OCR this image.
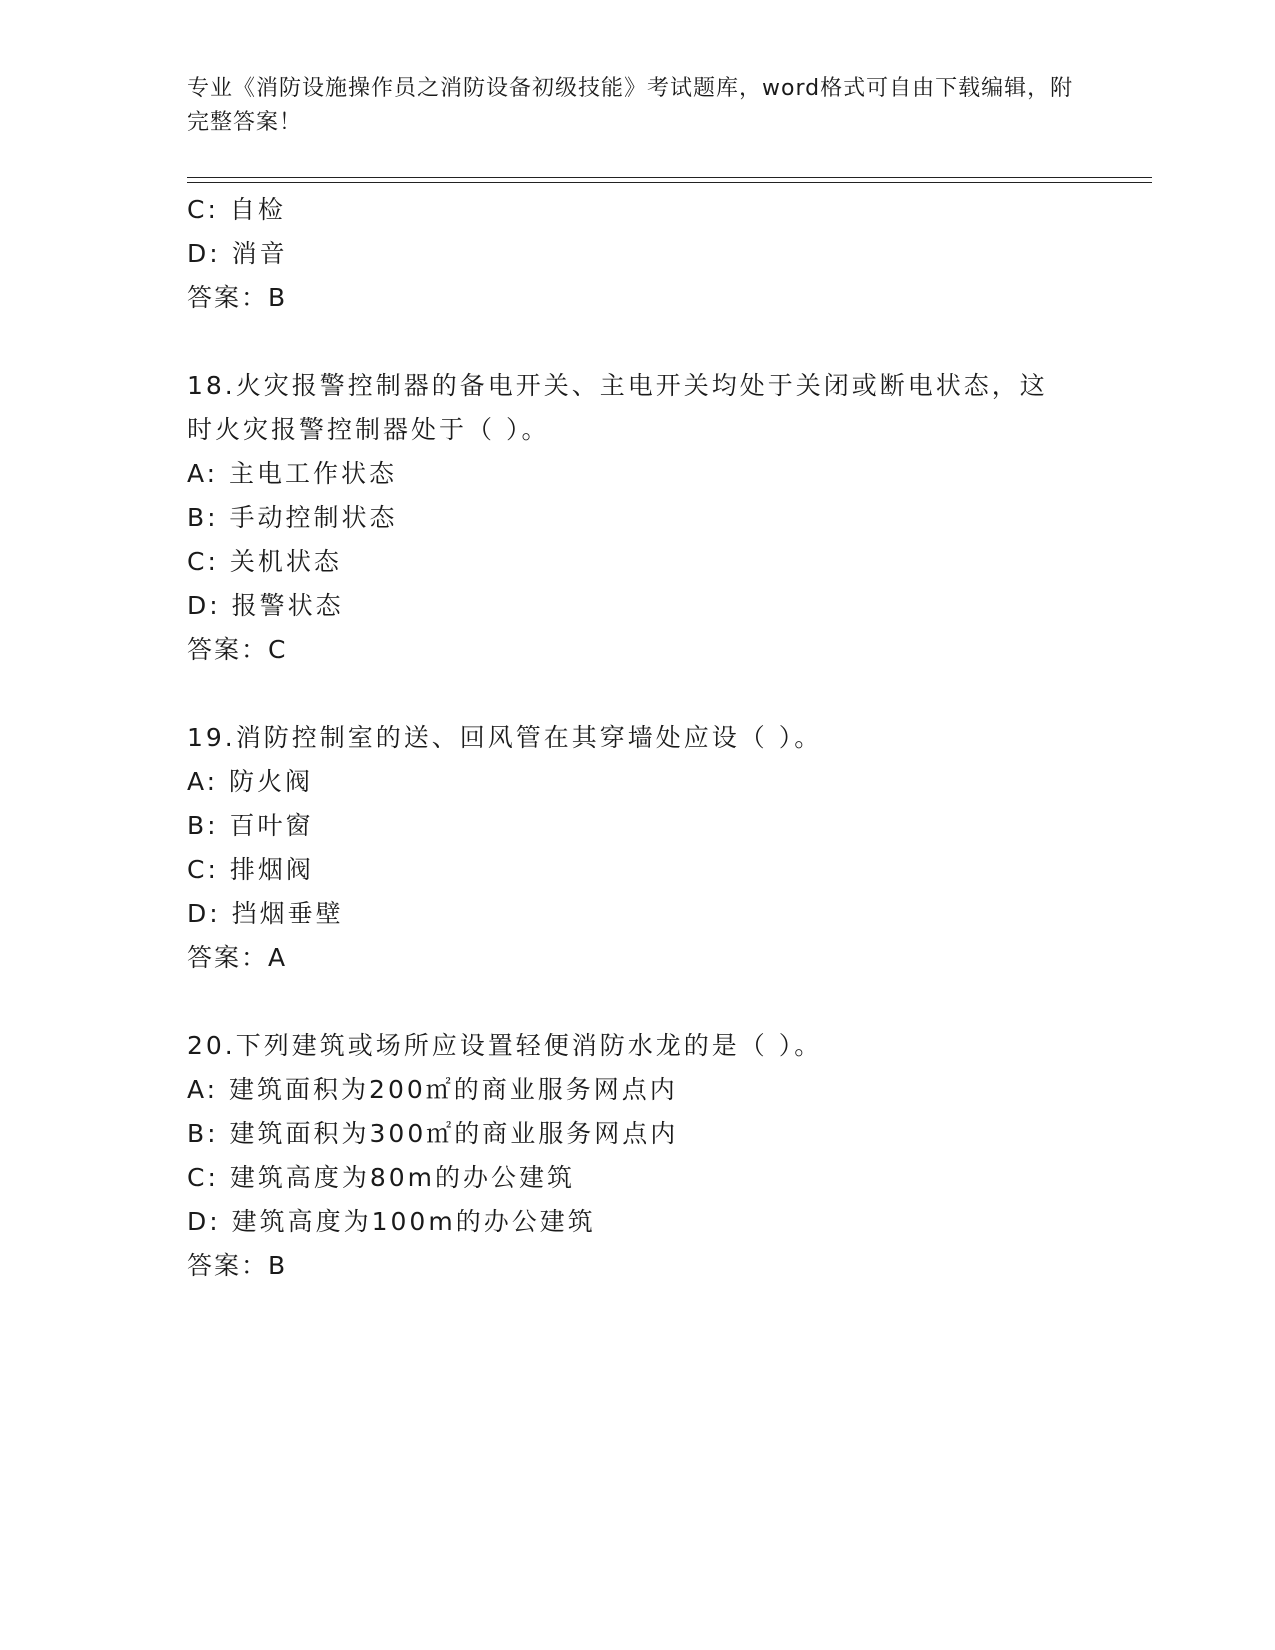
专业《消防设施操作员之消防设备初级技能》考试题库，word格式可自由下载编辑，附完整答案！
C: 自检
D: 消音
答案：B
18.火灾报警控制器的备电开关、主电开关均处于关闭或断电状态，这
时火灾报警控制器处于（ ）。
A: 主电工作状态
B: 手动控制状态
C: 关机状态
D: 报警状态
答案：C
19.消防控制室的送、回风管在其穿墙处应设（ ）。
A: 防火阀
B: 百叶窗
C: 排烟阀
D: 挡烟垂壁
答案：A
20.下列建筑或场所应设置轻便消防水龙的是（ ）。
A: 建筑面积为200㎡的商业服务网点内
B: 建筑面积为300㎡的商业服务网点内
C: 建筑高度为80m的办公建筑
D: 建筑高度为100m的办公建筑
答案：B
